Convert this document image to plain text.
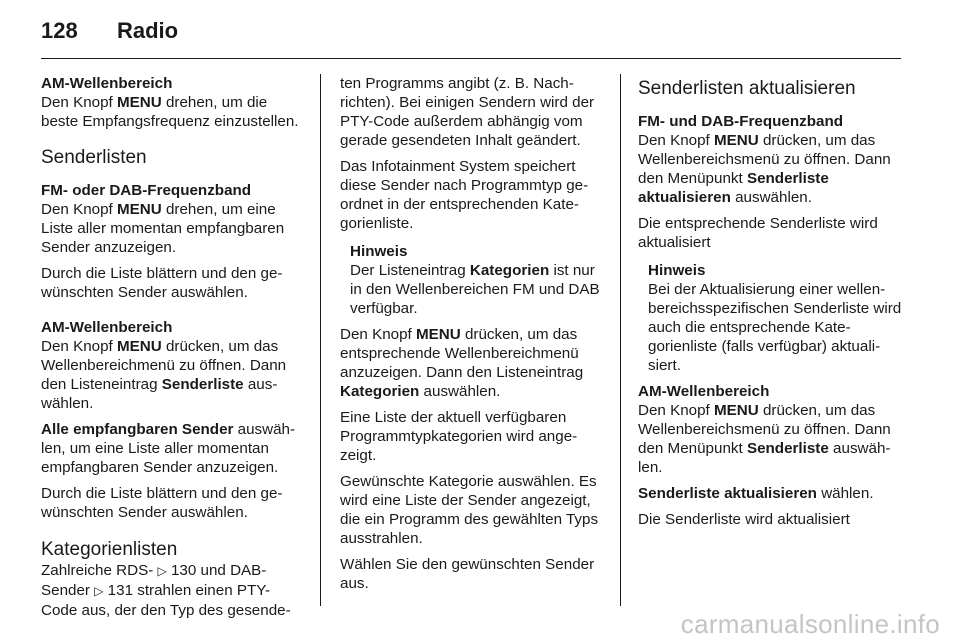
128	Radio
AM-Wellenbereich

Den Knopf MENU drehen, um die beste Empfangsfrequenz einzustellen.

Senderlisten
FM- oder DAB-Frequenzband

Den Knopf MENU drehen, um eine Liste aller momentan empfangbaren Sender anzuzeigen.

Durch die Liste blättern und den gewünschten Sender auswählen.

AM-Wellenbereich

Den Knopf MENU drücken, um das Wellenbereichmenü zu öffnen. Dann den Listeneintrag Senderliste auswählen.

Alle empfangbaren Sender auswählen, um eine Liste aller momentan empfangbaren Sender anzuzeigen.

Durch die Liste blättern und den gewünschten Sender auswählen.

Kategorienlisten

Zahlreiche RDS- ▷ 130 und DAB-Sender ▷ 131 strahlen einen PTY-Code aus, der den Typ des gesende-

ten Programms angibt (z. B. Nachrichten). Bei einigen Sendern wird der PTY-Code außerdem abhängig vom gerade gesendeten Inhalt geändert.

Das Infotainment System speichert diese Sender nach Programmtyp geordnet in der entsprechenden Kategorienliste.

Hinweis
Der Listeneintrag Kategorien ist nur in den Wellenbereichen FM und DAB verfügbar.

Den Knopf MENU drücken, um das entsprechende Wellenbereichmenü anzuzeigen. Dann den Listeneintrag Kategorien auswählen.

Eine Liste der aktuell verfügbaren Programmtypkategorien wird angezeigt.

Gewünschte Kategorie auswählen. Es wird eine Liste der Sender angezeigt, die ein Programm des gewählten Typs ausstrahlen.

Wählen Sie den gewünschten Sender aus.

Senderlisten aktualisieren
FM- und DAB-Frequenzband

Den Knopf MENU drücken, um das Wellenbereichsmenü zu öffnen. Dann den Menüpunkt Senderliste aktualisieren auswählen.

Die entsprechende Senderliste wird aktualisiert

Hinweis
Bei der Aktualisierung einer wellenbereichsspezifischen Senderliste wird auch die entsprechende Kategorienliste (falls verfügbar) aktualisiert.
AM-Wellenbereich

Den Knopf MENU drücken, um das Wellenbereichsmenü zu öffnen. Dann den Menüpunkt Senderliste auswählen.

Senderliste aktualisieren wählen.

Die Senderliste wird aktualisiert

carmanualsonline.info
